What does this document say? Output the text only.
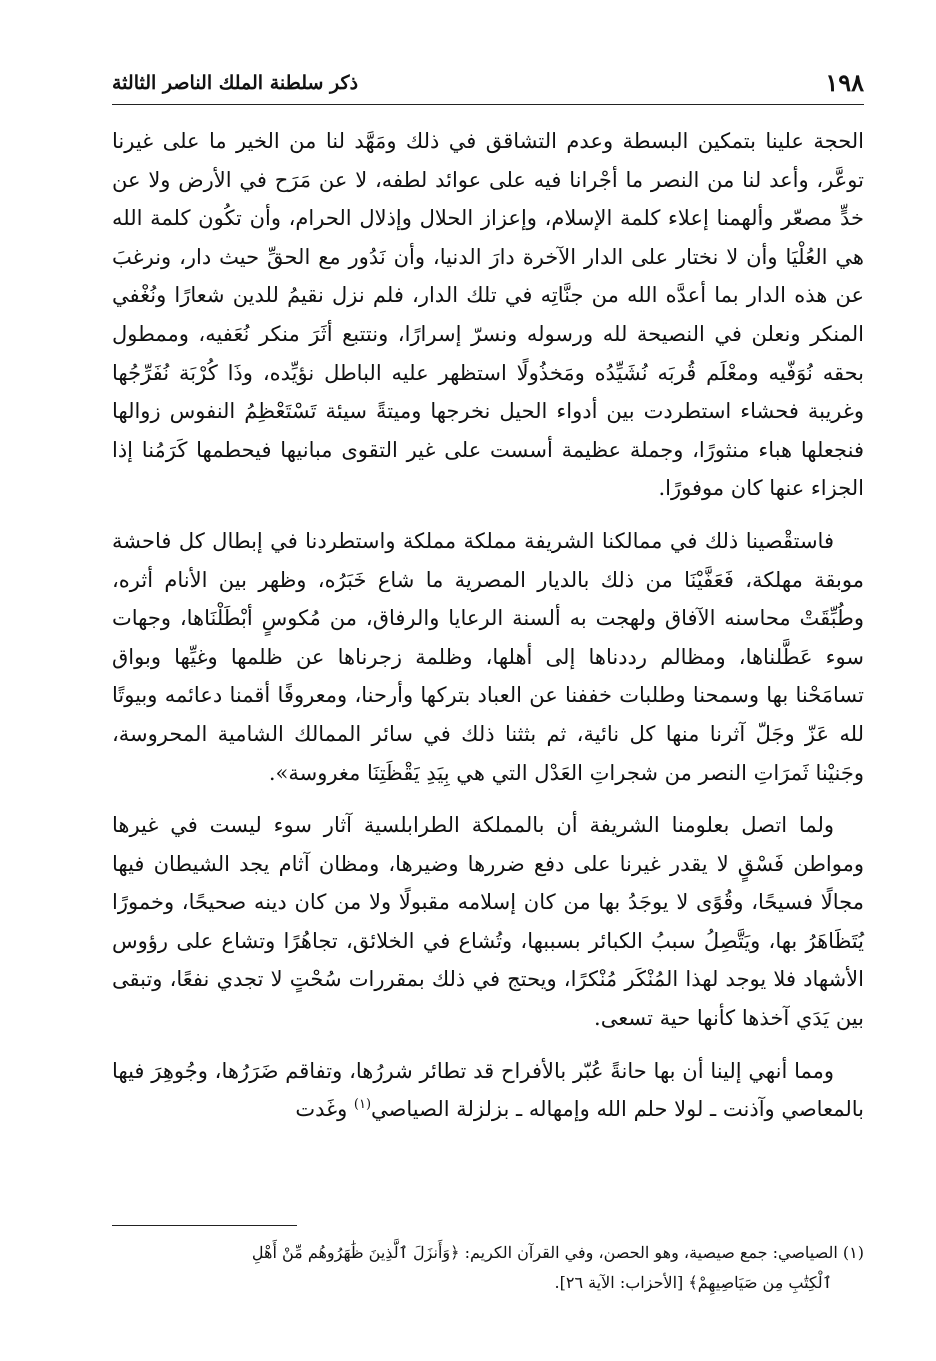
١٩٨
ذكر سلطنة الملك الناصر الثالثة

الحجة علينا بتمكين البسطة وعدم التشاقق في ذلك ومَهَّد لنا من الخير ما على غيرنا توعَّر، وأعد لنا من النصر ما أجْرانا فيه على عوائد لطفه، لا عن مَرَح في الأرض ولا عن خدٍّ مصعّر وألهمنا إعلاء كلمة الإسلام، وإعزاز الحلال وإذلال الحرام، وأن تكُون كلمة الله هي العُلْيَا وأن لا نختار على الدار الآخرة دارَ الدنيا، وأن نَدُور مع الحقِّ حيث دار، ونرغبَ عن هذه الدار بما أعدَّه الله من جنَّاتِه في تلك الدار، فلم نزل نقيمُ للدين شعارًا ونُغْفي المنكر ونعلن في النصيحة لله ورسوله ونسرّ إسرارًا، ونتتبع أثَرَ منكر نُعَفيه، وممطول بحقه نُوَفّيه ومعْلَم قُربَه نُشَيِّدُه ومَخذُولًا استظهر عليه الباطل نؤيِّده، وذَا كُرْبَة نُفَرِّجُها وغريبة فحشاء استطردت بين أدواء الحيل نخرجها وميتةً سيئة تَسْتَعْظِمُ النفوس زوالها فنجعلها هباء منثورًا، وجملة عظيمة أسست على غير التقوى مبانيها فيحطمها كَرَمُنا إذا الجزاء عنها كان موفورًا.

فاستقْصينا ذلك في ممالكنا الشريفة مملكة مملكة واستطردنا في إبطال كل فاحشة موبقة مهلكة، فَعَفَّيْنَا من ذلك بالديار المصرية ما شاع خَبَرُه، وظهر بين الأنام أثره، وطُبِّقَتْ محاسنه الآفاق ولهجت به ألسنة الرعايا والرفاق، من مُكوسٍ أبْطَلْنَاها، وجهات سوء عَطَّلناها، ومظالم رددناها إلى أهلها، وظلمة زجرناها عن ظلمها وغيِّها وبواق تسامَحْنا بها وسمحنا وطلبات خففنا عن العباد بتركها وأرحنا، ومعروفًا أقمنا دعائمه وبيوتًا لله عَزّ وجَلّ آثرنا منها كل نائية، ثم بثثنا ذلك في سائر الممالك الشامية المحروسة، وجَنيْنا ثَمرَاتِ النصر من شجراتِ العَدْل التي هي بِيَدِ يَقْظَتِنَا مغروسة».

ولما اتصل بعلومنا الشريفة أن بالمملكة الطرابلسية آثار سوء ليست في غيرها ومواطن فَسْقٍ لا يقدر غيرنا على دفع ضررها وضيرها، ومظان آثام يجد الشيطان فيها مجالًا فسيحًا، وقُوًى لا يوجَدُ بها من كان إسلامه مقبولًا ولا من كان دينه صحيحًا، وخمورًا يُتَظَاهَرُ بها، ويَتَّصِلُ سببُ الكبائر بسببها، وتُشاع في الخلائق، تجاهُرًا وتشاع على رؤوس الأشهاد فلا يوجد لهذا المُنْكَر مُنْكرًا، ويحتج في ذلك بمقررات سُحْتٍ لا تجدي نفعًا، وتبقى بين يَدَي آخذها كأنها حية تسعى.

ومما أنهي إلينا أن بها حانةً عُبّر بالأفراح قد تطائر شررُها، وتفاقم ضَرَرُها، وجُوهِرَ فيها بالمعاصي وآذنت ـ لولا حلم الله وإمهاله ـ بزلزلة الصياصي$^{(١)}$ وغَدت

(١) الصياصي: جمع صيصية، وهو الحصن، وفي القرآن الكريم: ﴿وَأَنزَلَ ٱلَّذِينَ ظَٰهَرُوهُم مِّنْ أَهْلِ

ٱلْكِتَٰبِ مِن صَيَاصِيهِمْ﴾ [الأحزاب: الآية ٢٦].
